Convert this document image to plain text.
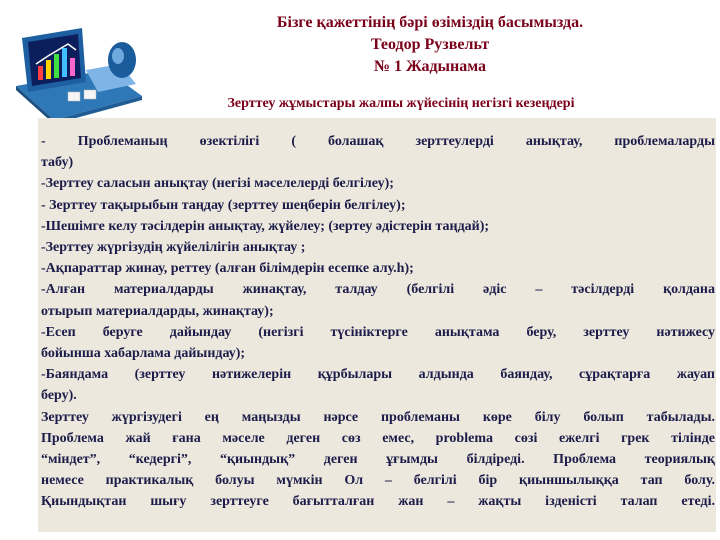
Бізге қажеттінің бәрі өзіміздің басымызда.
Теодор Рузвельт
№ 1 Жадынама
Зерттеу жұмыстары жалпы жүйесінің негізгі кезеңдері

- Проблеманың өзектілігі ( болашақ зерттеулерді анықтау, проблемаларды

табу)

-Зерттеу саласын анықтау (негізі мәселелерді белгілеу);

- Зерттеу тақырыбын таңдау (зерттеу шеңберін белгілеу);

-Шешімге келу тәсілдерін анықтау, жүйелеу; (зертеу әдістерін таңдай);

-Зерттеу жүргізудің жүйелілігін анықтау ;

-Ақпараттар жинау, реттеу (алған білімдерін есепке алу.h);

-Алған материалдарды жинақтау, талдау (белгілі әдіс – тәсілдерді қолдана

отырып материалдарды, жинақтау);

-Есеп беруге дайындау (негізгі түсініктерге анықтама беру, зерттеу нәтижесу

бойынша хабарлама дайындау);

-Баяндама (зерттеу нәтижелерін құрбылары алдында баяндау, сұрақтарға жауап

беру).

Зерттеу жүргізудегі ең маңызды нәрсе проблеманы көре білу болып табылады.

Проблема жай ғана мәселе деген сөз емес, problema сөзі ежелгі грек тілінде

“міндет”, “кедергі”, “қиындық” деген ұғымды білдіреді. Проблема теориялық

немесе практикалық болуы мүмкін Ол – белгілі бір қиыншылыққа тап болу.

Қиындықтан шығу зерттеуге бағытталған жан – жақты ізденісті талап етеді.
